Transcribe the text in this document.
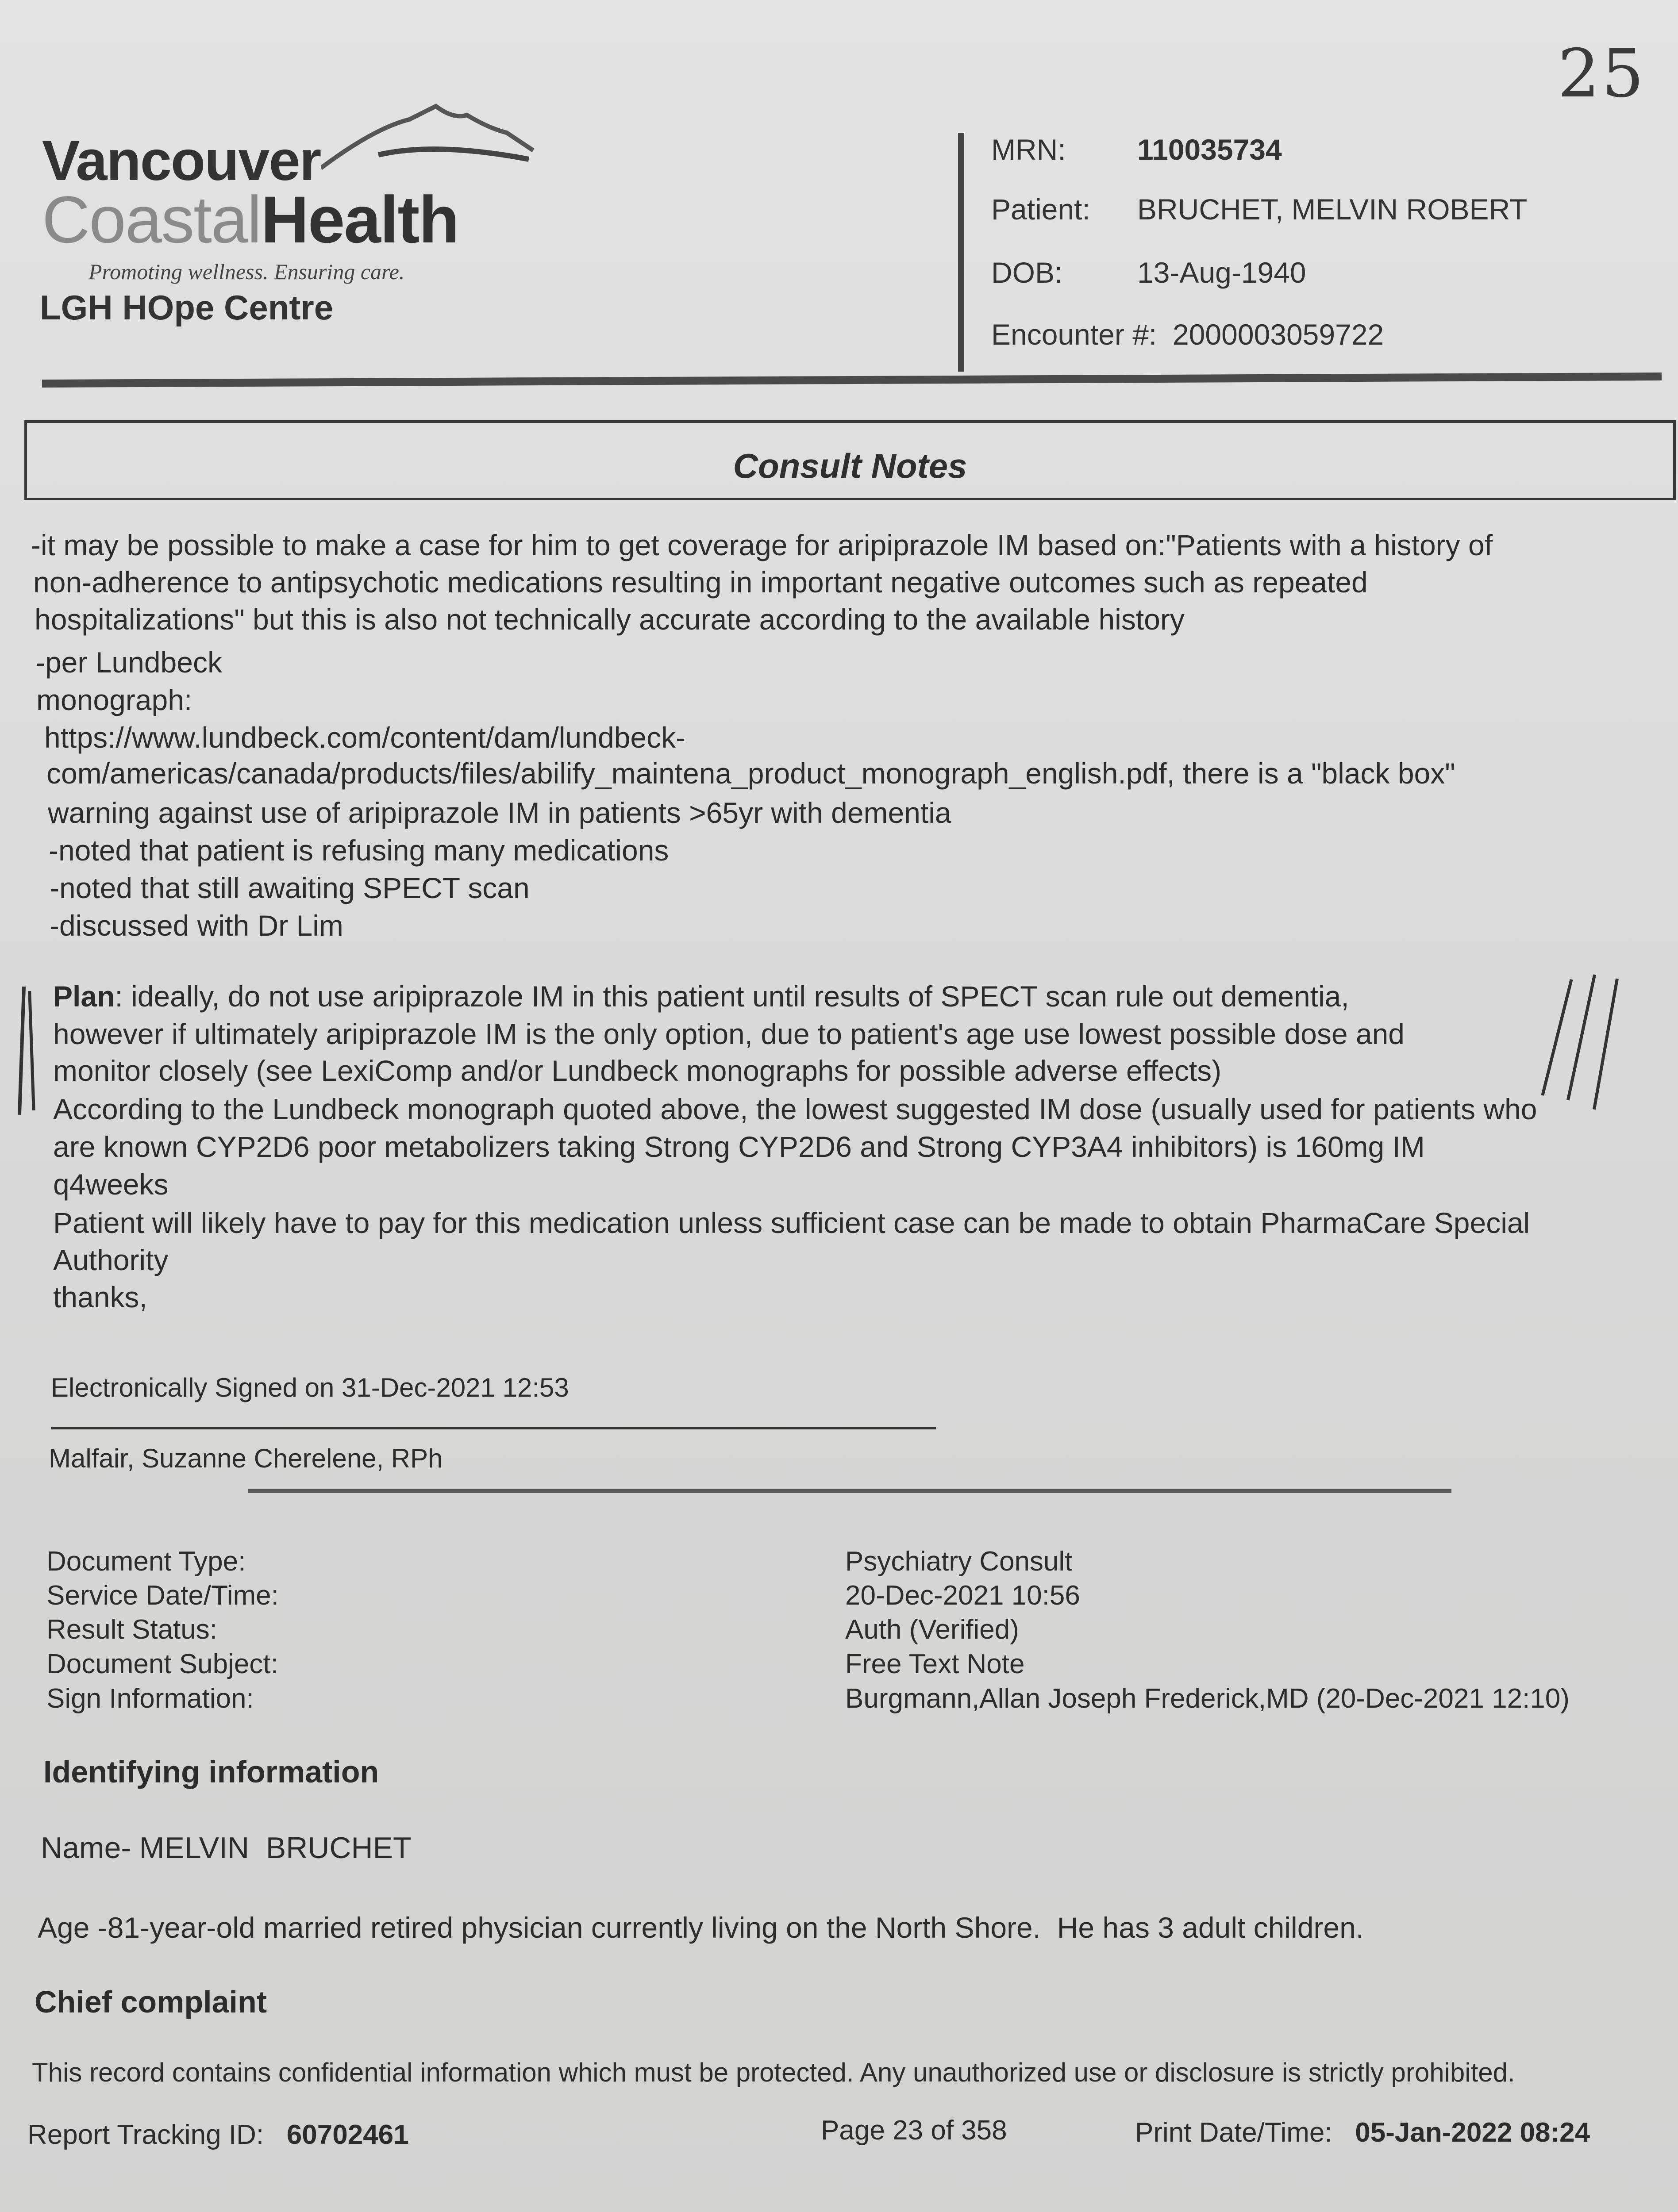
25
Vancouver
CoastalHealth
Promoting wellness. Ensuring care.
LGH HOpe Centre
MRN: 110035734
Patient: BRUCHET, MELVIN ROBERT
DOB:	13-Aug-1940
Encounter #: 2000003059722
Consult Notes
-it may be possible to make a case for him to get coverage for aripiprazole IM based on:"Patients with a history of
non-adherence to antipsychotic medications resulting in important negative outcomes such as repeated
hospitalizations" but this is also not technically accurate according to the available history
-per Lundbeck
monograph:
https://www.lundbeck.com/content/dam/lundbeck-
com/americas/canada/products/files/abilify_maintena_product_monograph_english.pdf, there is a "black box"
warning against use of aripiprazole IM in patients >65yr with dementia
-noted that patient is refusing many medications
-noted that still awaiting SPECT scan
-discussed with Dr Lim
Plan: ideally, do not use aripiprazole IM in this patient until results of SPECT scan rule out dementia,
however if ultimately aripiprazole IM is the only option, due to patient's age use lowest possible dose and
monitor closely (see LexiComp and/or Lundbeck monographs for possible adverse effects)
According to the Lundbeck monograph quoted above, the lowest suggested IM dose (usually used for patients who
are known CYP2D6 poor metabolizers taking Strong CYP2D6 and Strong CYP3A4 inhibitors) is 160mg IM
q4weeks
Patient will likely have to pay for this medication unless sufficient case can be made to obtain PharmaCare Special
Authority
thanks,
Electronically Signed on 31-Dec-2021 12:53
Malfair, Suzanne Cherelene, RPh
Document Type:	Psychiatry Consult
Service Date/Time:	20-Dec-2021 10:56
Result Status:	Auth (Verified)
Document Subject:	Free Text Note
Sign Information:	Burgmann,Allan Joseph Frederick,MD (20-Dec-2021 12:10)
Identifying information
Name- MELVIN  BRUCHET
Age -81-year-old married retired physician currently living on the North Shore.  He has 3 adult children.
Chief complaint
This record contains confidential information which must be protected. Any unauthorized use or disclosure is strictly prohibited.
Report Tracking ID: 60702461	Page 23 of 358	Print Date/Time: 05-Jan-2022 08:24
